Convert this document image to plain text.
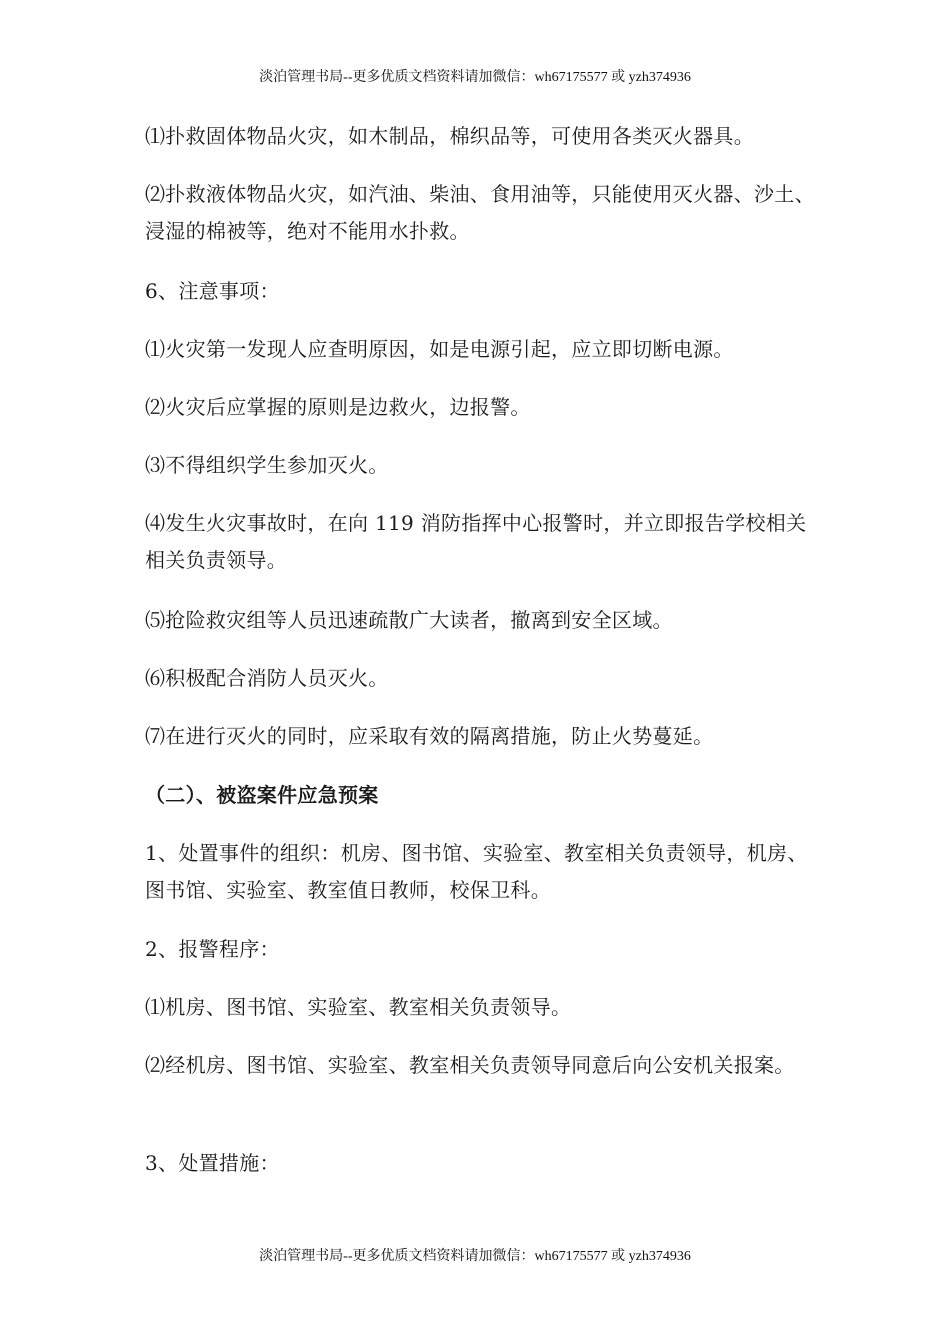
淡泊管理书局--更多优质文档资料请加微信：wh67175577 或 yzh374936

⑴扑救固体物品火灾，如木制品，棉织品等，可使用各类灭火器具。

⑵扑救液体物品火灾，如汽油、柴油、食用油等，只能使用灭火器、沙土、浸湿的棉被等，绝对不能用水扑救。

6、注意事项：

⑴火灾第一发现人应查明原因，如是电源引起，应立即切断电源。

⑵火灾后应掌握的原则是边救火，边报警。

⑶不得组织学生参加灭火。

⑷发生火灾事故时，在向 119 消防指挥中心报警时，并立即报告学校相关相关负责领导。

⑸抢险救灾组等人员迅速疏散广大读者，撤离到安全区域。

⑹积极配合消防人员灭火。

⑺在进行灭火的同时，应采取有效的隔离措施，防止火势蔓延。

（二）、被盗案件应急预案

1、处置事件的组织：机房、图书馆、实验室、教室相关负责领导，机房、图书馆、实验室、教室值日教师，校保卫科。

2、报警程序：

⑴机房、图书馆、实验室、教室相关负责领导。

⑵经机房、图书馆、实验室、教室相关负责领导同意后向公安机关报案。

3、处置措施：

淡泊管理书局--更多优质文档资料请加微信：wh67175577 或 yzh374936
